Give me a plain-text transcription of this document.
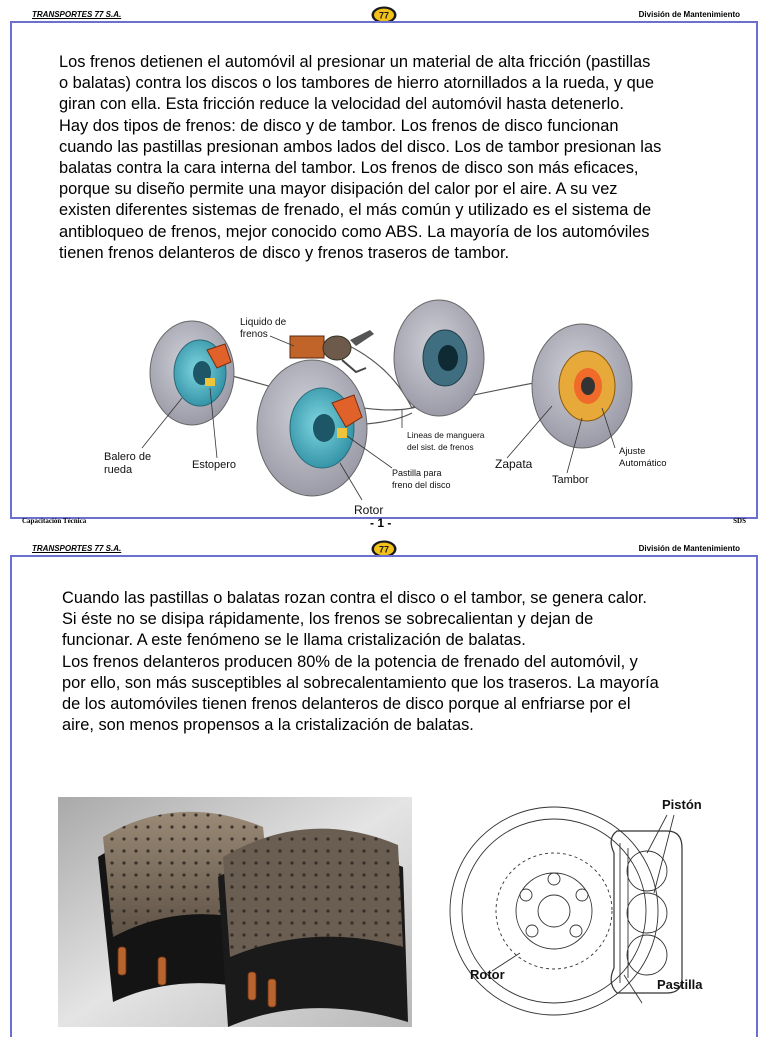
TRANSPORTES 77 S.A.	77	División de Mantenimiento
Los frenos detienen el automóvil al presionar un material de alta fricción (pastillas
o balatas) contra los discos o los tambores de hierro atornillados a la rueda, y que
giran con ella. Esta fricción reduce la velocidad del automóvil hasta detenerlo.
Hay dos tipos de frenos: de disco y de tambor. Los frenos de disco funcionan
cuando las pastillas presionan ambos lados del disco. Los de tambor presionan las
balatas contra la cara interna del tambor. Los frenos de disco son más eficaces,
porque su diseño permite una mayor disipación del calor por el aire. A su vez
existen diferentes sistemas de frenado, el más común y utilizado es el sistema de
antibloqueo de frenos, mejor conocido como ABS. La mayoría de los automóviles
tienen frenos delanteros de disco y frenos traseros de tambor.
Liquido de
frenos
Balero de
rueda	Estopero
Lineas de manguera
del sist. de frenos
Pastilla para
freno del disco
Zapata
Tambor
Ajuste
Automático
Rotor
Capacitación Técnica	- 1 -	SDS
TRANSPORTES 77 S.A.	77	División de Mantenimiento
Cuando las pastillas o balatas rozan contra el disco o el tambor, se genera calor.
Si éste no se disipa rápidamente, los frenos se sobrecalientan y dejan de
funcionar. A este fenómeno se le llama cristalización de balatas.
Los frenos delanteros producen 80% de la potencia de frenado del automóvil, y
por ello, son más susceptibles al sobrecalentamiento que los traseros. La mayoría
de los automóviles tienen frenos delanteros de disco porque al enfriarse por el
aire, son menos propensos a la cristalización de balatas.
Pistón
Rotor
Pastilla
